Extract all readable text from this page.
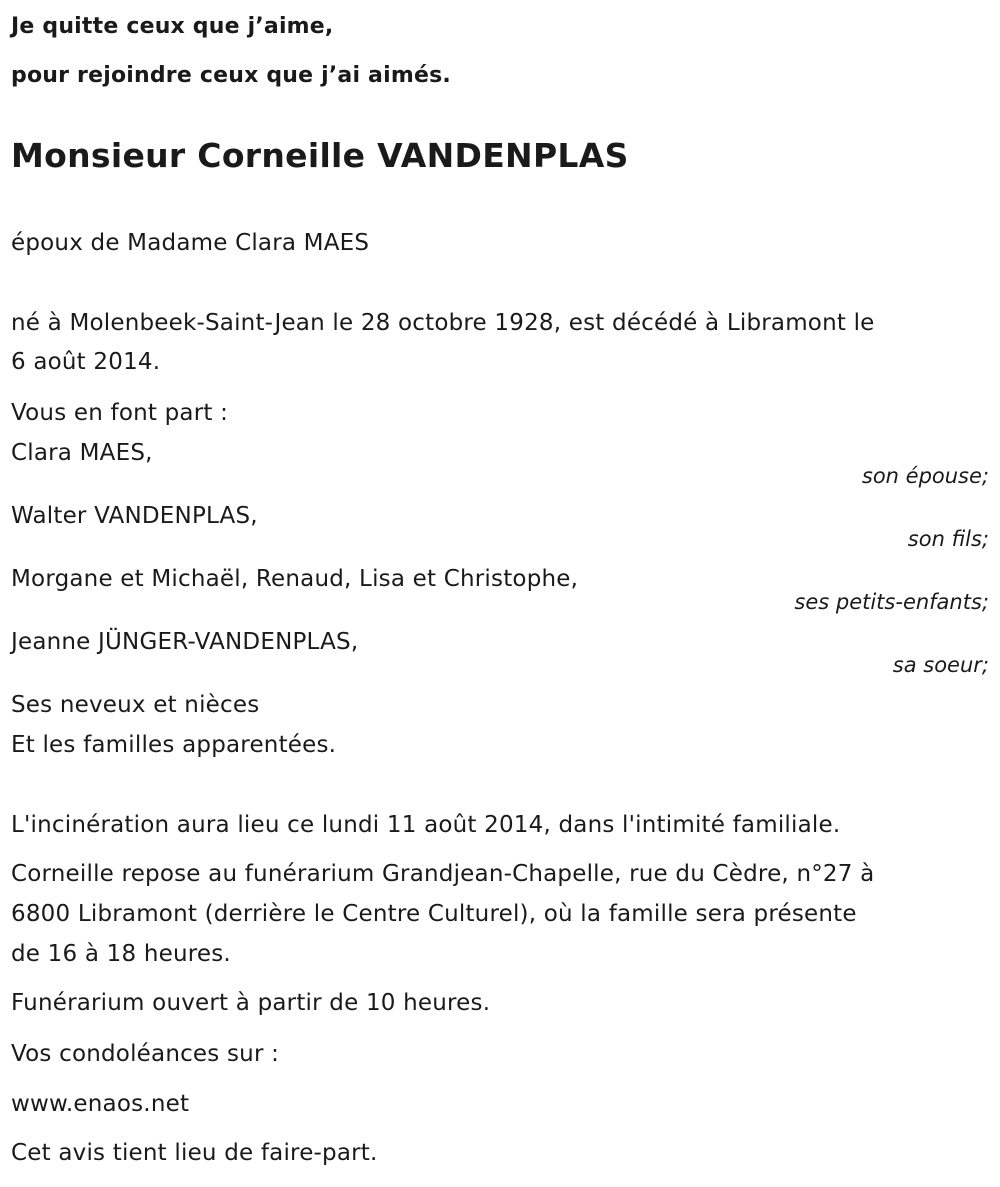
Je quitte ceux que j’aime,
pour rejoindre ceux que j’ai aimés.
Monsieur Corneille VANDENPLAS
époux de Madame Clara MAES
né à Molenbeek-Saint-Jean le 28 octobre 1928, est décédé à Libramont le
6 août 2014.
Vous en font part :
Clara MAES,
son épouse;
Walter VANDENPLAS,
son fils;
Morgane et Michaël, Renaud, Lisa et Christophe,
ses petits-enfants;
Jeanne JÜNGER-VANDENPLAS,
sa soeur;
Ses neveux et nièces
Et les familles apparentées.
L'incinération aura lieu ce lundi 11 août 2014, dans l'intimité familiale.
Corneille repose au funérarium Grandjean-Chapelle, rue du Cèdre, n°27 à
6800 Libramont (derrière le Centre Culturel), où la famille sera présente
de 16 à 18 heures.
Funérarium ouvert à partir de 10 heures.
Vos condoléances sur :
www.enaos.net
Cet avis tient lieu de faire-part.
